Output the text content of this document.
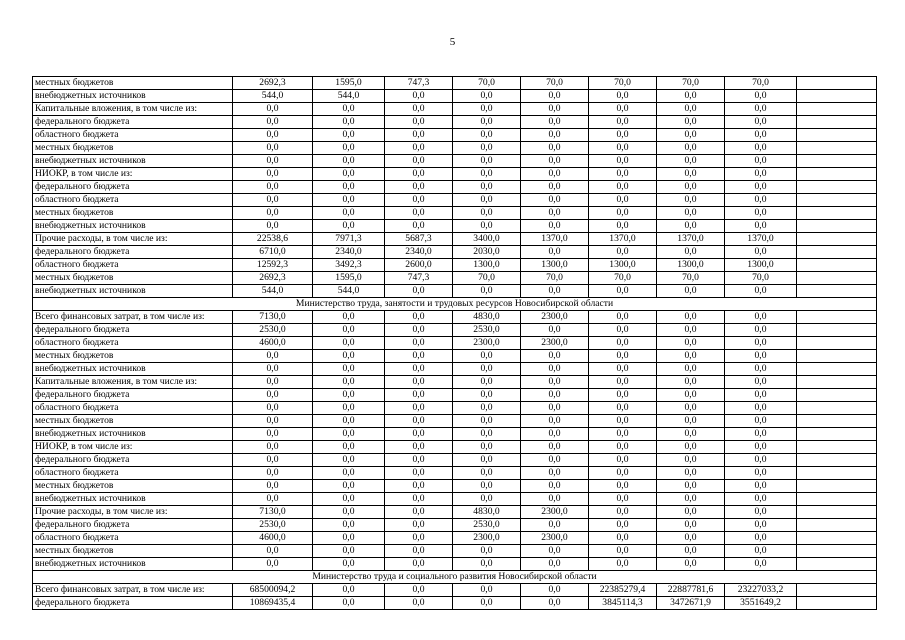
5
местных бюджетов	2692,3	1595,0	747,3	70,0	70,0	70,0	70,0	70,0	
внебюджетных источников	544,0	544,0	0,0	0,0	0,0	0,0	0,0	0,0	
Капитальные вложения, в том числе из:	0,0	0,0	0,0	0,0	0,0	0,0	0,0	0,0	
федерального бюджета	0,0	0,0	0,0	0,0	0,0	0,0	0,0	0,0	
областного бюджета	0,0	0,0	0,0	0,0	0,0	0,0	0,0	0,0	
местных бюджетов	0,0	0,0	0,0	0,0	0,0	0,0	0,0	0,0	
внебюджетных источников	0,0	0,0	0,0	0,0	0,0	0,0	0,0	0,0	
НИОКР, в том числе из:	0,0	0,0	0,0	0,0	0,0	0,0	0,0	0,0	
федерального бюджета	0,0	0,0	0,0	0,0	0,0	0,0	0,0	0,0	
областного бюджета	0,0	0,0	0,0	0,0	0,0	0,0	0,0	0,0	
местных бюджетов	0,0	0,0	0,0	0,0	0,0	0,0	0,0	0,0	
внебюджетных источников	0,0	0,0	0,0	0,0	0,0	0,0	0,0	0,0	
Прочие расходы, в том числе из:	22538,6	7971,3	5687,3	3400,0	1370,0	1370,0	1370,0	1370,0	
федерального бюджета	6710,0	2340,0	2340,0	2030,0	0,0	0,0	0,0	0,0	
областного бюджета	12592,3	3492,3	2600,0	1300,0	1300,0	1300,0	1300,0	1300,0	
местных бюджетов	2692,3	1595,0	747,3	70,0	70,0	70,0	70,0	70,0	
внебюджетных источников	544,0	544,0	0,0	0,0	0,0	0,0	0,0	0,0	
Министерство труда, занятости и трудовых ресурсов Новосибирской области									
Всего финансовых затрат, в том числе из:	7130,0	0,0	0,0	4830,0	2300,0	0,0	0,0	0,0	
федерального бюджета	2530,0	0,0	0,0	2530,0	0,0	0,0	0,0	0,0	
областного бюджета	4600,0	0,0	0,0	2300,0	2300,0	0,0	0,0	0,0	
местных бюджетов	0,0	0,0	0,0	0,0	0,0	0,0	0,0	0,0	
внебюджетных источников	0,0	0,0	0,0	0,0	0,0	0,0	0,0	0,0	
Капитальные вложения, в том числе из:	0,0	0,0	0,0	0,0	0,0	0,0	0,0	0,0	
федерального бюджета	0,0	0,0	0,0	0,0	0,0	0,0	0,0	0,0	
областного бюджета	0,0	0,0	0,0	0,0	0,0	0,0	0,0	0,0	
местных бюджетов	0,0	0,0	0,0	0,0	0,0	0,0	0,0	0,0	
внебюджетных источников	0,0	0,0	0,0	0,0	0,0	0,0	0,0	0,0	
НИОКР, в том числе из:	0,0	0,0	0,0	0,0	0,0	0,0	0,0	0,0	
федерального бюджета	0,0	0,0	0,0	0,0	0,0	0,0	0,0	0,0	
областного бюджета	0,0	0,0	0,0	0,0	0,0	0,0	0,0	0,0	
местных бюджетов	0,0	0,0	0,0	0,0	0,0	0,0	0,0	0,0	
внебюджетных источников	0,0	0,0	0,0	0,0	0,0	0,0	0,0	0,0	
Прочие расходы, в том числе из:	7130,0	0,0	0,0	4830,0	2300,0	0,0	0,0	0,0	
федерального бюджета	2530,0	0,0	0,0	2530,0	0,0	0,0	0,0	0,0	
областного бюджета	4600,0	0,0	0,0	2300,0	2300,0	0,0	0,0	0,0	
местных бюджетов	0,0	0,0	0,0	0,0	0,0	0,0	0,0	0,0	
внебюджетных источников	0,0	0,0	0,0	0,0	0,0	0,0	0,0	0,0	
Министерство труда и социального развития Новосибирской области									
Всего финансовых затрат, в том числе из:	68500094,2	0,0	0,0	0,0	0,0	22385279,4	22887781,6	23227033,2	
федерального бюджета	10869435,4	0,0	0,0	0,0	0,0	3845114,3	3472671,9	3551649,2	
